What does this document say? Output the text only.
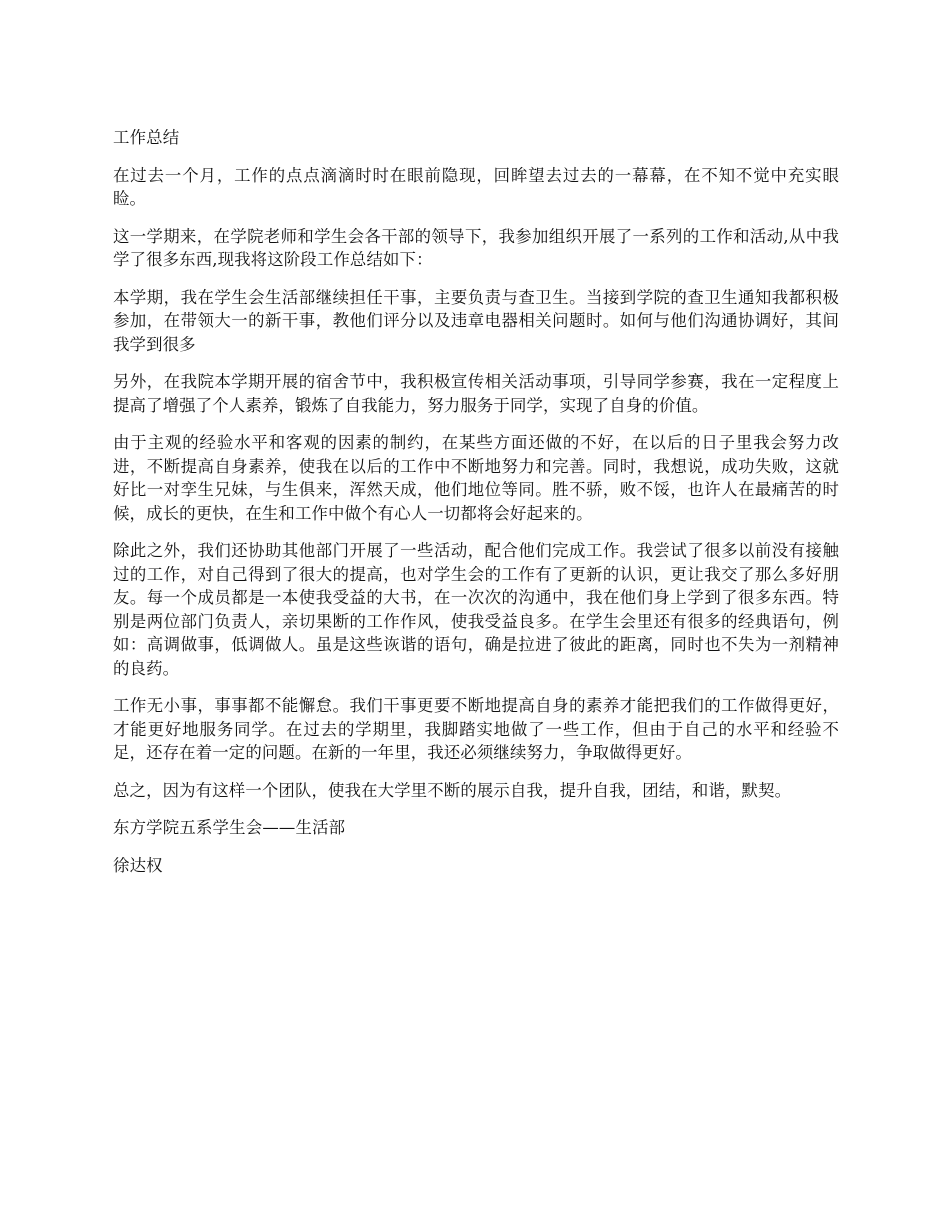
工作总结

在过去一个月，工作的点点滴滴时时在眼前隐现，回眸望去过去的一幕幕，在不知不觉中充实眼睑。

这一学期来，在学院老师和学生会各干部的领导下，我参加组织开展了一系列的工作和活动,从中我学了很多东西,现我将这阶段工作总结如下：

本学期，我在学生会生活部继续担任干事，主要负责与查卫生。当接到学院的查卫生通知我都积极参加，在带领大一的新干事，教他们评分以及违章电器相关问题时。如何与他们沟通协调好，其间我学到很多

另外，在我院本学期开展的宿舍节中，我积极宣传相关活动事项，引导同学参赛，我在一定程度上提高了增强了个人素养，锻炼了自我能力，努力服务于同学，实现了自身的价值。

由于主观的经验水平和客观的因素的制约，在某些方面还做的不好，在以后的日子里我会努力改进，不断提高自身素养，使我在以后的工作中不断地努力和完善。同时，我想说，成功失败，这就好比一对孪生兄妹，与生俱来，浑然天成，他们地位等同。胜不骄，败不馁，也许人在最痛苦的时候，成长的更快，在生和工作中做个有心人一切都将会好起来的。

除此之外，我们还协助其他部门开展了一些活动，配合他们完成工作。我尝试了很多以前没有接触过的工作，对自己得到了很大的提高，也对学生会的工作有了更新的认识，更让我交了那么多好朋友。每一个成员都是一本使我受益的大书，在一次次的沟通中，我在他们身上学到了很多东西。特别是两位部门负责人，亲切果断的工作作风，使我受益良多。在学生会里还有很多的经典语句，例如：高调做事，低调做人。虽是这些诙谐的语句，确是拉进了彼此的距离，同时也不失为一剂精神的良药。

工作无小事，事事都不能懈怠。我们干事更要不断地提高自身的素养才能把我们的工作做得更好，才能更好地服务同学。在过去的学期里，我脚踏实地做了一些工作，但由于自己的水平和经验不足，还存在着一定的问题。在新的一年里，我还必须继续努力，争取做得更好。

总之，因为有这样一个团队，使我在大学里不断的展示自我，提升自我，团结，和谐，默契。

东方学院五系学生会——生活部

徐达权
